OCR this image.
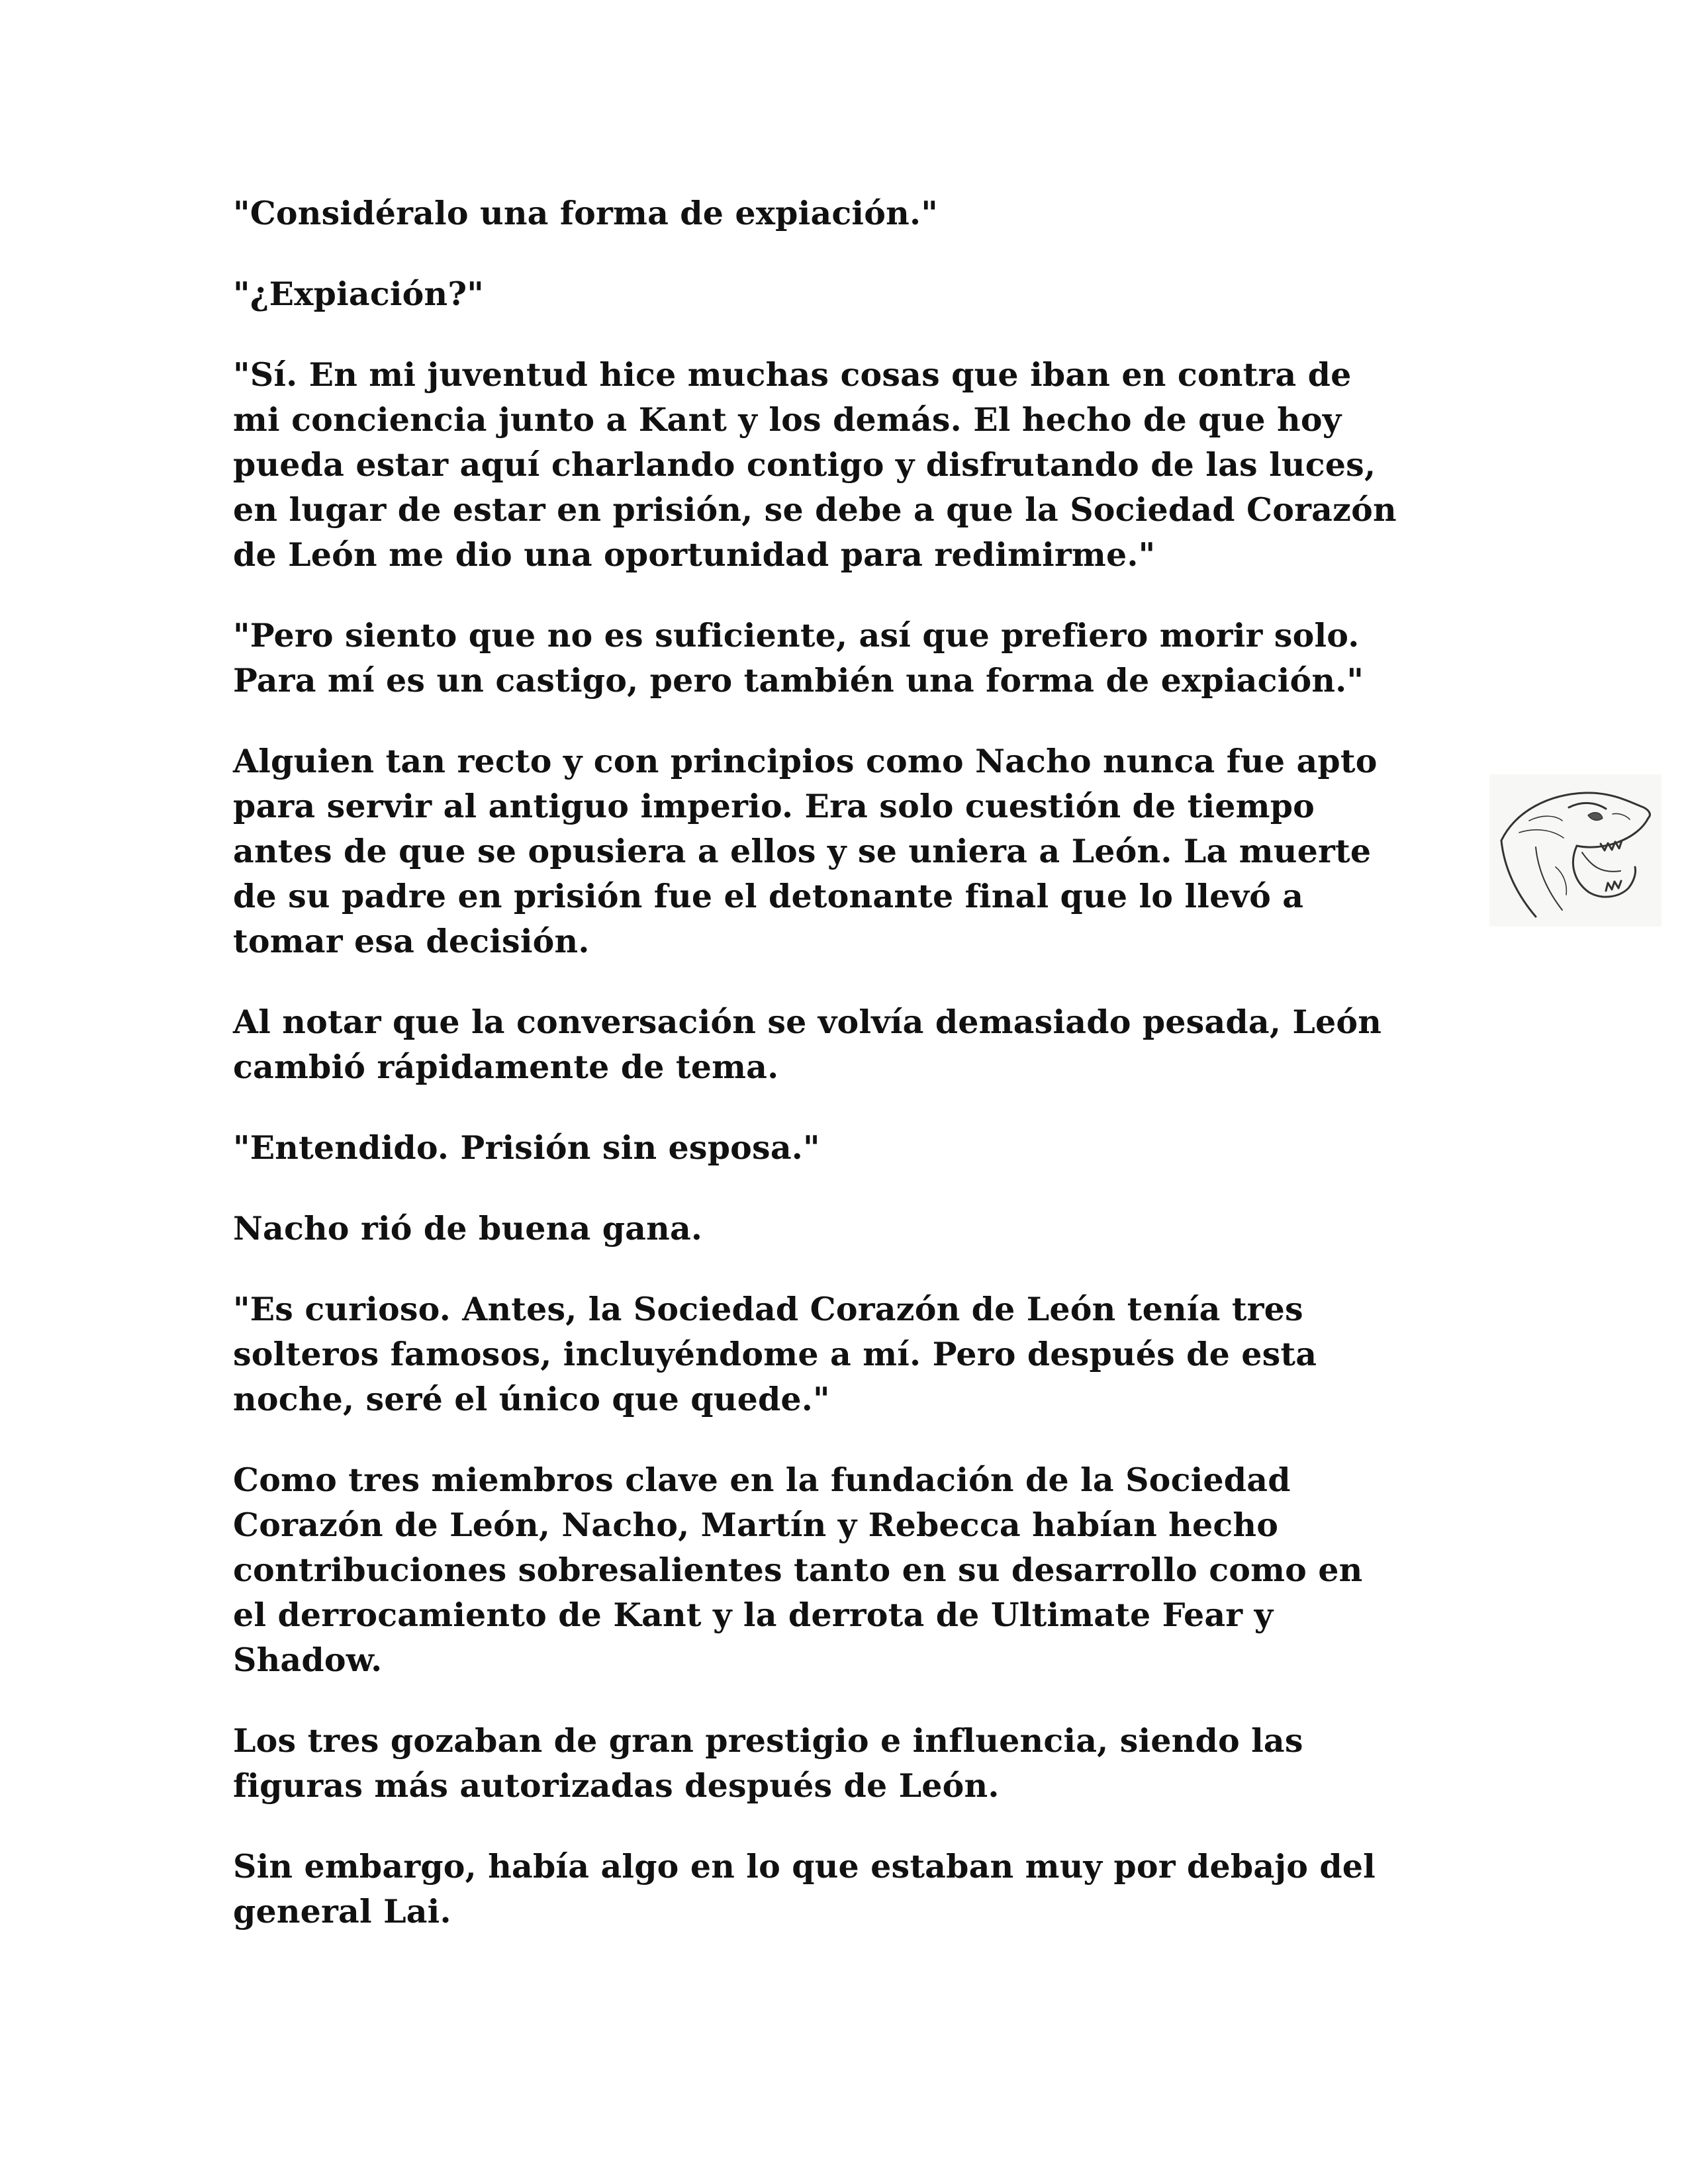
"Considéralo una forma de expiación."

"¿Expiación?"

"Sí. En mi juventud hice muchas cosas que iban en contra de
mi conciencia junto a Kant y los demás. El hecho de que hoy
pueda estar aquí charlando contigo y disfrutando de las luces,
en lugar de estar en prisión, se debe a que la Sociedad Corazón
de León me dio una oportunidad para redimirme."

"Pero siento que no es suficiente, así que prefiero morir solo.
Para mí es un castigo, pero también una forma de expiación."

Alguien tan recto y con principios como Nacho nunca fue apto
para servir al antiguo imperio. Era solo cuestión de tiempo
antes de que se opusiera a ellos y se uniera a León. La muerte
de su padre en prisión fue el detonante final que lo llevó a
tomar esa decisión.

Al notar que la conversación se volvía demasiado pesada, León
cambió rápidamente de tema.

"Entendido. Prisión sin esposa."

Nacho rió de buena gana.

"Es curioso. Antes, la Sociedad Corazón de León tenía tres
solteros famosos, incluyéndome a mí. Pero después de esta
noche, seré el único que quede."

Como tres miembros clave en la fundación de la Sociedad
Corazón de León, Nacho, Martín y Rebecca habían hecho
contribuciones sobresalientes tanto en su desarrollo como en
el derrocamiento de Kant y la derrota de Ultimate Fear y
Shadow.

Los tres gozaban de gran prestigio e influencia, siendo las
figuras más autorizadas después de León.

Sin embargo, había algo en lo que estaban muy por debajo del
general Lai.
